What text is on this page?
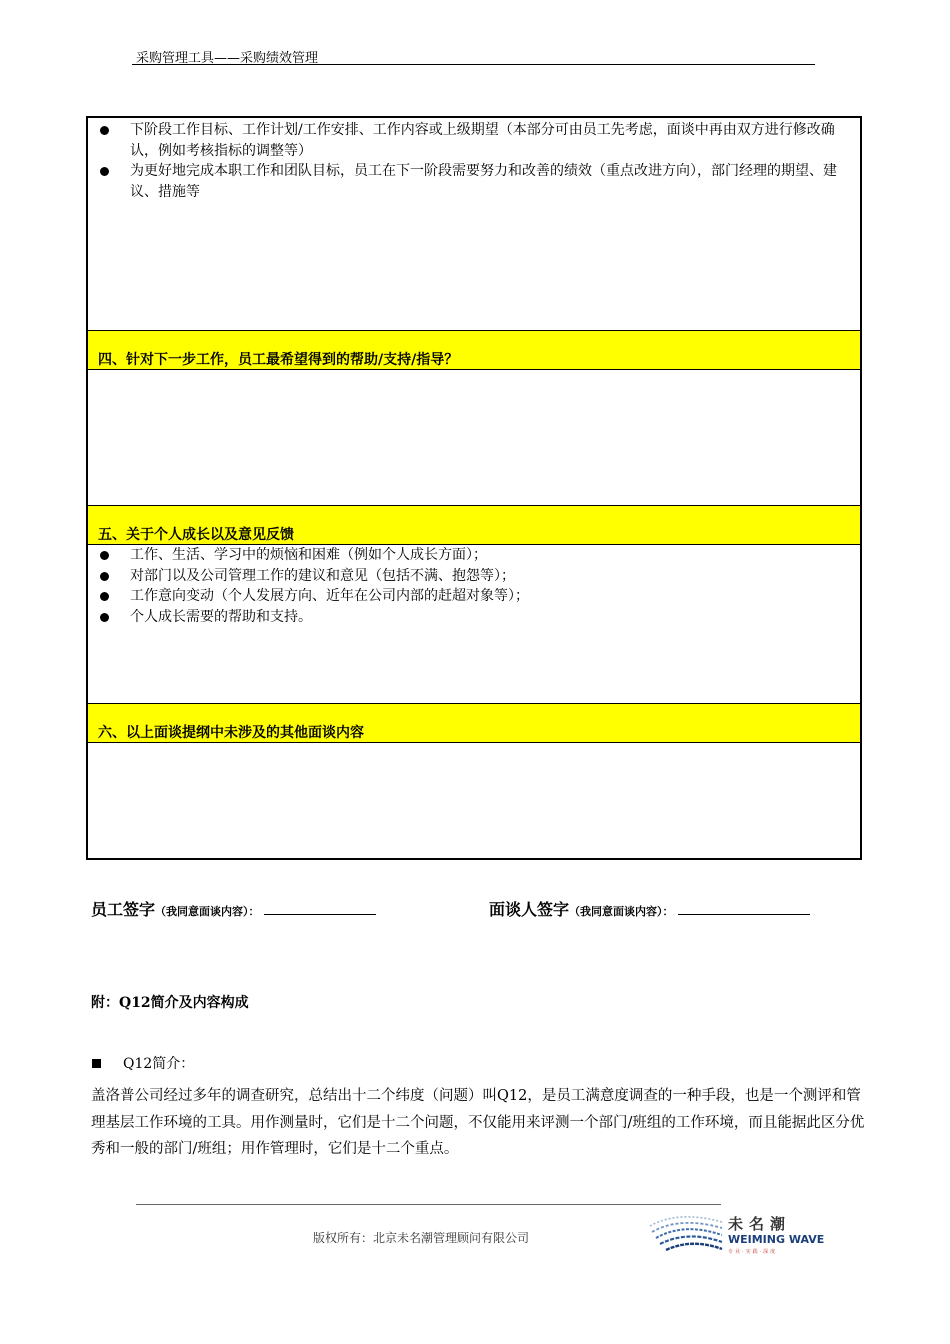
采购管理工具——采购绩效管理
下阶段工作目标、工作计划/工作安排、工作内容或上级期望（本部分可由员工先考虑，面谈中再由双方进行修改确认，例如考核指标的调整等）
为更好地完成本职工作和团队目标，员工在下一阶段需要努力和改善的绩效（重点改进方向），部门经理的期望、建议、措施等
四、针对下一步工作，员工最希望得到的帮助/支持/指导？
五、关于个人成长以及意见反馈
工作、生活、学习中的烦恼和困难（例如个人成长方面）；
对部门以及公司管理工作的建议和意见（包括不满、抱怨等）；
工作意向变动（个人发展方向、近年在公司内部的赶超对象等）；
个人成长需要的帮助和支持。
六、以上面谈提纲中未涉及的其他面谈内容
员工签字（我同意面谈内容）：	面谈人签字（我同意面谈内容）：
附：Q12简介及内容构成
Q12简介：
盖洛普公司经过多年的调查研究，总结出十二个纬度（问题）叫Q12，是员工满意度调查的一种手段，也是一个测评和管理基层工作环境的工具。用作测量时，它们是十二个问题，不仅能用来评测一个部门/班组的工作环境，而且能据此区分优秀和一般的部门/班组；用作管理时，它们是十二个重点。
版权所有：北京未名潮管理顾问有限公司
未名潮
WEIMING WAVE
专业·实践·深度
